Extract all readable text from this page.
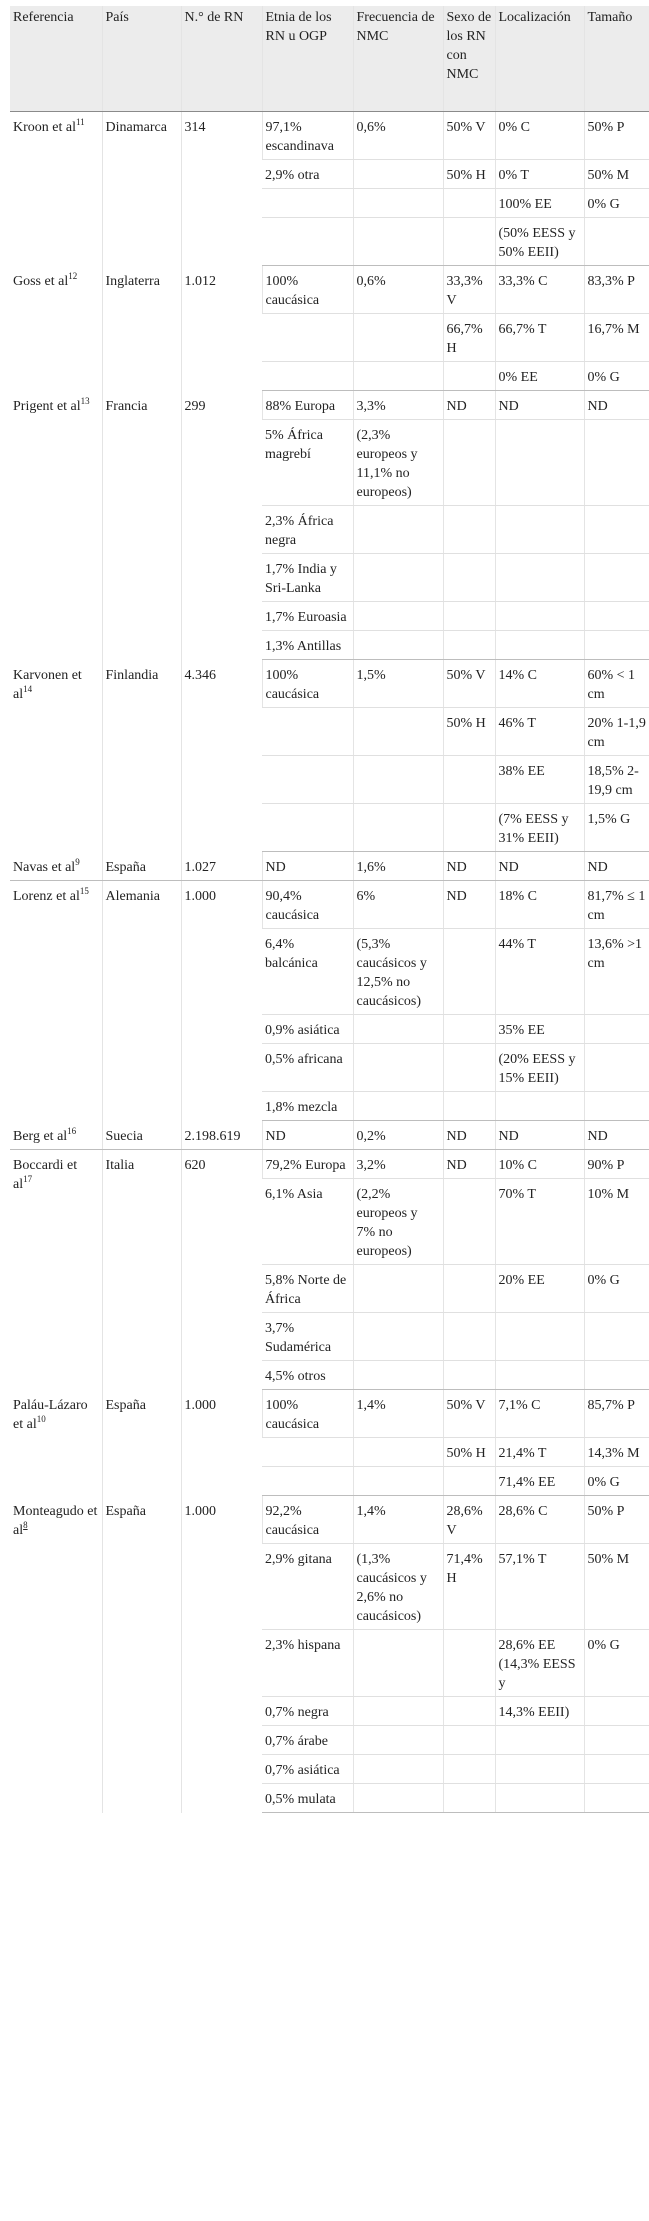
Referencia	País	N.° de RN	Etnia de los RN u OGP	Frecuencia de NMC	Sexo de los RN con NMC	Localización	Tamaño
Kroon et $al^{11}$	Dinamarca	314	97,1% escandinava	0,6%	50% V	0% C	50% P
			2,9% otra		50% H	0% T	50% M
						100% EE	0% G
						(50% EESS y 50% EEII)	
Goss et $al^{12}$	Inglaterra	1.012	100% caucásica	0,6%	33,3% V	33,3% C	83,3% P
					66,7% H	66,7% T	16,7% M
						0% EE	0% G
Prigent et $al^{13}$	Francia	299	88% Europa	3,3%	ND	ND	ND
			5% África magrebí	(2,3% europeos y 11,1% no europeos)			
			2,3% África negra				
			1,7% India y Sri-Lanka				
			1,7% Euroasia				
			1,3% Antillas				
Karvonen et $al^{14}$	Finlandia	4.346	100% caucásica	1,5%	50% V	14% C	60% < 1 cm
					50% H	46% T	20% 1-1,9 cm
						38% EE	18,5% 2-19,9 cm
						(7% EESS y 31% EEII)	1,5% G
Navas et $al^9$	España	1.027	ND	1,6%	ND	ND	ND
Lorenz et $al^{15}$	Alemania	1.000	90,4% caucásica	6%	ND	18% C	81,7% ≤ 1 cm
			6,4% balcánica	(5,3% caucásicos y 12,5% no caucásicos)		44% T	13,6% >1 cm
			0,9% asiática			35% EE	
			0,5% africana			(20% EESS y 15% EEII)	
			1,8% mezcla				
Berg et $al^{16}$	Suecia	2.198.619	ND	0,2%	ND	ND	ND
Boccardi et $al^{17}$	Italia	620	79,2% Europa	3,2%	ND	10% C	90% P
			6,1% Asia	(2,2% europeos y 7% no europeos)		70% T	10% M
			5,8% Norte de África			20% EE	0% G
			3,7% Sudamérica				
			4,5% otros				
Paláu-Lázaro et $al^{10}$	España	1.000	100% caucásica	1,4%	50% V	7,1% C	85,7% P
					50% H	21,4% T	14,3% M
						71,4% EE	0% G
Monteagudo et $al^8$	España	1.000	92,2% caucásica	1,4%	28,6% V	28,6% C	50% P
			2,9% gitana	(1,3% caucásicos y 2,6% no caucásicos)	71,4% H	57,1% T	50% M
			2,3% hispana			28,6% EE (14,3% EESS y	0% G
			0,7% negra			14,3% EEII)	
			0,7% árabe				
			0,7% asiática				
			0,5% mulata				
